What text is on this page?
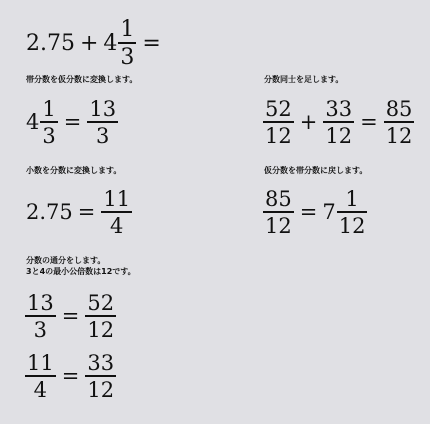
$2.75 + 4 \frac{1}{3}$ =
帯分数を仮分数に変換します。
$4 \frac{1}{3} = \frac{13}{3}$
小数を分数に変換します。
$2.75 = \frac{11}{4}$
分数の通分をします。
3と4の最小公倍数は12です。
$\frac{13}{3} = \frac{52}{12}$
$\frac{11}{4} = \frac{33}{12}$
分数同士を足します。
$\frac{52}{12} + \frac{33}{12} = \frac{85}{12}$
仮分数を帯分数に戻します。
$\frac{85}{12} = 7 \frac{1}{12}$
